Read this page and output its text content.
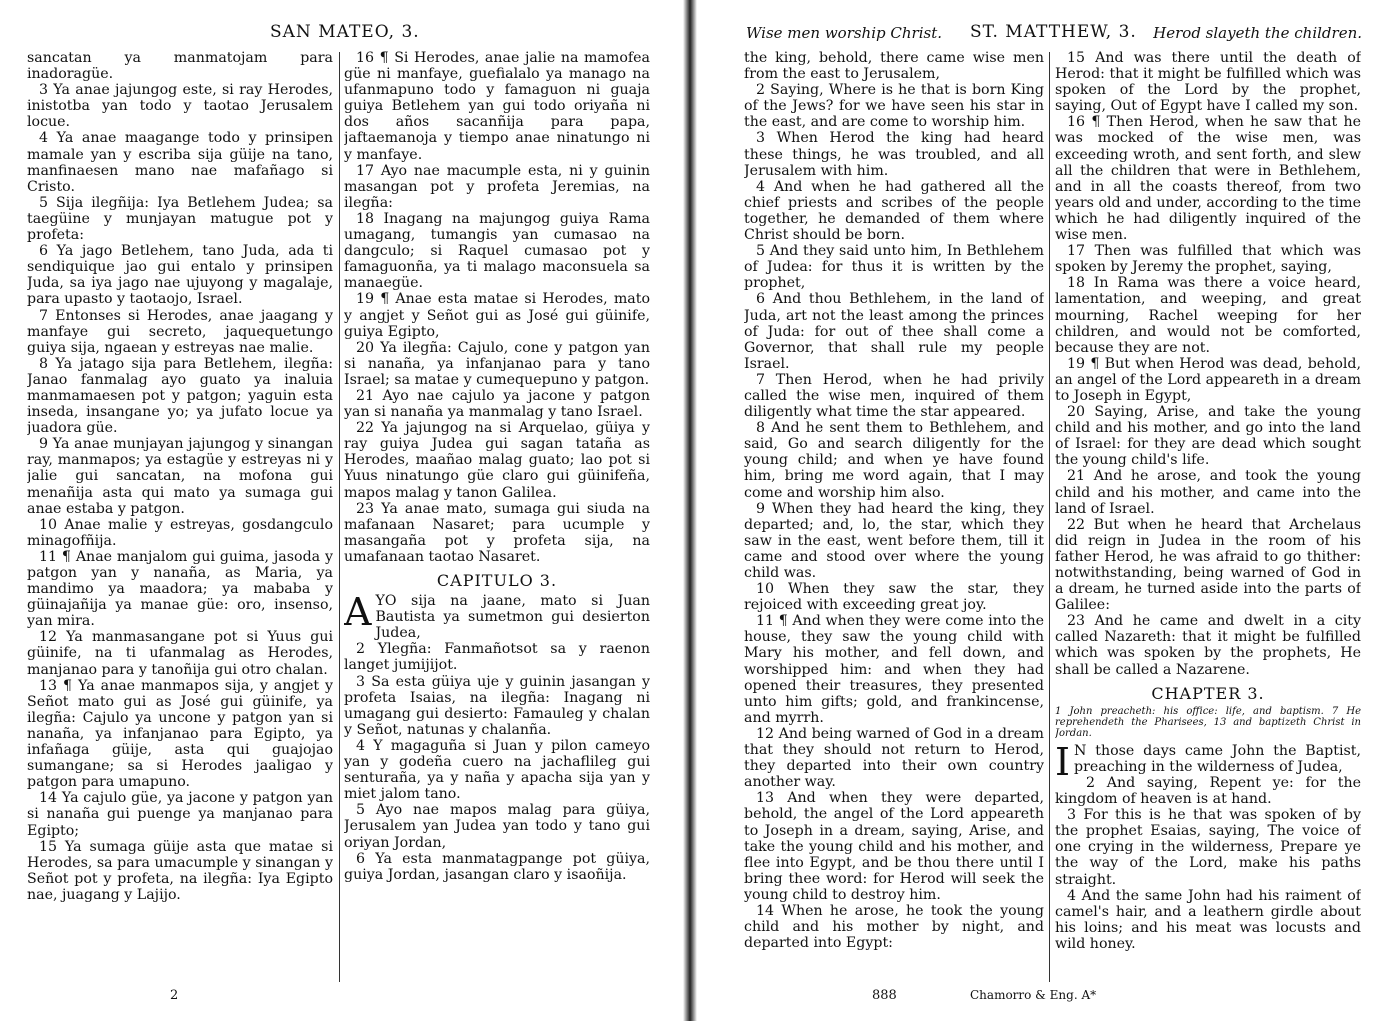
SAN MATEO, 3.

sancatan ya manmatojam para inadoragüe.

3 Ya anae jajungog este, si ray Herodes, inistotba yan todo y taotao Jerusalem locue.

4 Ya anae maagange todo y prinsipen mamale yan y escriba sija güije na tano, manfinaesen mano nae mafañago si Cristo.

5 Sija ilegñija: Iya Betlehem Judea; sa taegüine y munjayan matugue pot y profeta:

6 Ya jago Betlehem, tano Juda, ada ti sendiquique jao gui entalo y prinsipen Juda, sa iya jago nae ujuyong y magalaje, para upasto y taotaojo, Israel.

7 Entonses si Herodes, anae jaagang y manfaye gui secreto, jaquequetungo guiya sija, ngaean y estreyas nae malie.

8 Ya jatago sija para Betlehem, ilegña: Janao fanmalag ayo guato ya inaluia manmamaesen pot y patgon; yaguin esta inseda, insangane yo; ya jufato locue ya juadora güe.

9 Ya anae munjayan jajungog y sinangan ray, manmapos; ya estagüe y estreyas ni y jalie gui sancatan, na mofona gui menañija asta qui mato ya sumaga gui anae estaba y patgon.

10 Anae malie y estreyas, gosdangculo minagofñija.

11 ¶ Anae manjalom gui guima, jasoda y patgon yan y nanaña, as Maria, ya mandimo ya maadora; ya mababa y güinajañija ya manae güe: oro, insenso, yan mira.

12 Ya manmasangane pot si Yuus gui güinife, na ti ufanmalag as Herodes, manjanao para y tanoñija gui otro chalan.

13 ¶ Ya anae manmapos sija, y angjet y Señot mato gui as José gui güinife, ya ilegña: Cajulo ya uncone y patgon yan si nanaña, ya infanjanao para Egipto, ya infañaga güije, asta qui guajojao sumangane; sa si Herodes jaaligao y patgon para umapuno.

14 Ya cajulo güe, ya jacone y patgon yan si nanaña gui puenge ya manjanao para Egipto;

15 Ya sumaga güije asta que matae si Herodes, sa para umacumple y sinangan y Señot pot y profeta, na ilegña: Iya Egipto nae, juagang y Lajijo.

16 ¶ Si Herodes, anae jalie na mamofea güe ni manfaye, guefialalo ya manago na ufanmapuno todo y famaguon ni guaja guiya Betlehem yan gui todo oriyaña ni dos años sacanñija para papa, jaftaemanoja y tiempo anae ninatungo ni y manfaye.

17 Ayo nae macumple esta, ni y guinin masangan pot y profeta Jeremias, na ilegña:

18 Inagang na majungog guiya Rama umagang, tumangis yan cumasao na dangculo; si Raquel cumasao pot y famaguonña, ya ti malago maconsuela sa manaegüe.

19 ¶ Anae esta matae si Herodes, mato y angjet y Señot gui as José gui güinife, guiya Egipto,

20 Ya ilegña: Cajulo, cone y patgon yan si nanaña, ya infanjanao para y tano Israel; sa matae y cumequepuno y patgon.

21 Ayo nae cajulo ya jacone y patgon yan si nanaña ya manmalag y tano Israel.

22 Ya jajungog na si Arquelao, güiya y ray guiya Judea gui sagan tataña as Herodes, maañao malag guato; lao pot si Yuus ninatungo güe claro gui güinifeña, mapos malag y tanon Galilea.

23 Ya anae mato, sumaga gui siuda na mafanaan Nasaret; para ucumple y masangaña pot y profeta sija, na umafanaan taotao Nasaret.

CAPITULO 3.

AYO sija na jaane, mato si Juan Bautista ya sumetmon gui desierton Judea,

2 Ylegña: Fanmañotsot sa y raenon langet jumijijot.

3 Sa esta güiya uje y guinin jasangan y profeta Isaias, na ilegña: Inagang ni umagang gui desierto: Famauleg y chalan y Señot, natunas y chalanña.

4 Y magaguña si Juan y pilon cameyo yan y godeña cuero na jachaflileg gui senturaña, ya y naña y apacha sija yan y miet jalom tano.

5 Ayo nae mapos malag para güiya, Jerusalem yan Judea yan todo y tano gui oriyan Jordan,

6 Ya esta manmatagpange pot güiya, guiya Jordan, jasangan claro y isaoñija.

2
Wise men worship Christ. ST. MATTHEW, 3. Herod slayeth the children.

the king, behold, there came wise men from the east to Jerusalem,

2 Saying, Where is he that is born King of the Jews? for we have seen his star in the east, and are come to worship him.

3 When Herod the king had heard these things, he was troubled, and all Jerusalem with him.

4 And when he had gathered all the chief priests and scribes of the people together, he demanded of them where Christ should be born.

5 And they said unto him, In Bethlehem of Judea: for thus it is written by the prophet,

6 And thou Bethlehem, in the land of Juda, art not the least among the princes of Juda: for out of thee shall come a Governor, that shall rule my people Israel.

7 Then Herod, when he had privily called the wise men, inquired of them diligently what time the star appeared.

8 And he sent them to Bethlehem, and said, Go and search diligently for the young child; and when ye have found him, bring me word again, that I may come and worship him also.

9 When they had heard the king, they departed; and, lo, the star, which they saw in the east, went before them, till it came and stood over where the young child was.

10 When they saw the star, they rejoiced with exceeding great joy.

11 ¶ And when they were come into the house, they saw the young child with Mary his mother, and fell down, and worshipped him: and when they had opened their treasures, they presented unto him gifts; gold, and frankincense, and myrrh.

12 And being warned of God in a dream that they should not return to Herod, they departed into their own country another way.

13 And when they were departed, behold, the angel of the Lord appeareth to Joseph in a dream, saying, Arise, and take the young child and his mother, and flee into Egypt, and be thou there until I bring thee word: for Herod will seek the young child to destroy him.

14 When he arose, he took the young child and his mother by night, and departed into Egypt:

15 And was there until the death of Herod: that it might be fulfilled which was spoken of the Lord by the prophet, saying, Out of Egypt have I called my son.

16 ¶ Then Herod, when he saw that he was mocked of the wise men, was exceeding wroth, and sent forth, and slew all the children that were in Bethlehem, and in all the coasts thereof, from two years old and under, according to the time which he had diligently inquired of the wise men.

17 Then was fulfilled that which was spoken by Jeremy the prophet, saying,

18 In Rama was there a voice heard, lamentation, and weeping, and great mourning, Rachel weeping for her children, and would not be comforted, because they are not.

19 ¶ But when Herod was dead, behold, an angel of the Lord appeareth in a dream to Joseph in Egypt,

20 Saying, Arise, and take the young child and his mother, and go into the land of Israel: for they are dead which sought the young child's life.

21 And he arose, and took the young child and his mother, and came into the land of Israel.

22 But when he heard that Archelaus did reign in Judea in the room of his father Herod, he was afraid to go thither: notwithstanding, being warned of God in a dream, he turned aside into the parts of Galilee:

23 And he came and dwelt in a city called Nazareth: that it might be fulfilled which was spoken by the prophets, He shall be called a Nazarene.

CHAPTER 3.
1 John preacheth: his office: life, and baptism. 7 He reprehendeth the Pharisees, 13 and baptizeth Christ in Jordan.

I N those days came John the Baptist, preaching in the wilderness of Judea,

2 And saying, Repent ye: for the kingdom of heaven is at hand.

3 For this is he that was spoken of by the prophet Esaias, saying, The voice of one crying in the wilderness, Prepare ye the way of the Lord, make his paths straight.

4 And the same John had his raiment of camel's hair, and a leathern girdle about his loins; and his meat was locusts and wild honey.

888	Chamorro & Eng. A*
